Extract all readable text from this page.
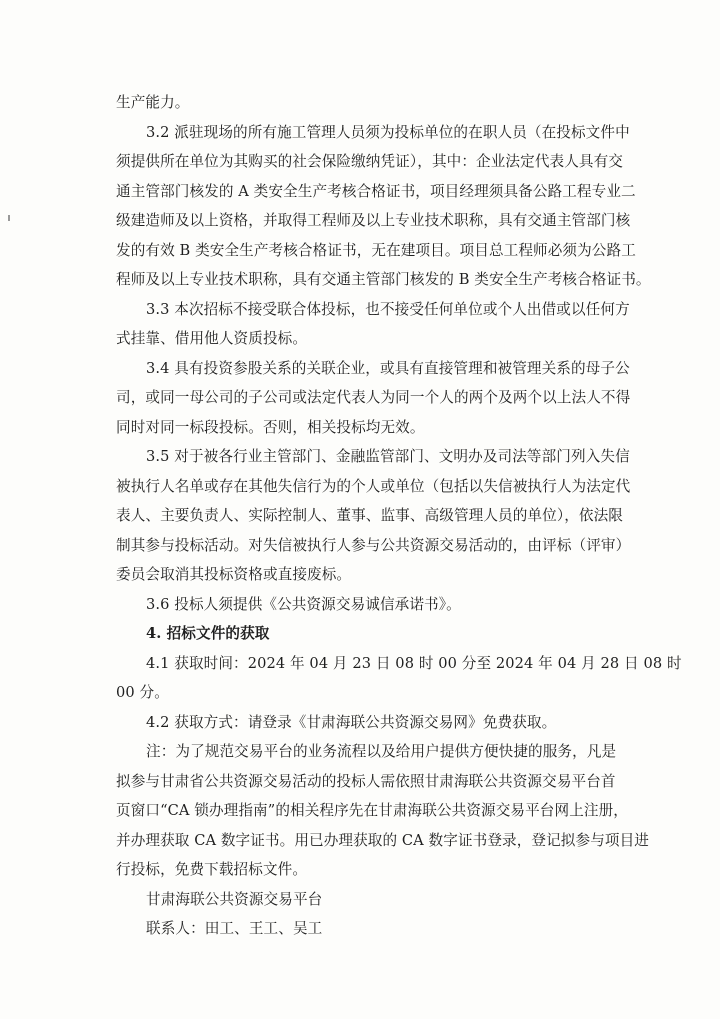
生产能力。
3.2 派驻现场的所有施工管理人员须为投标单位的在职人员（在投标文件中
须提供所在单位为其购买的社会保险缴纳凭证），其中：企业法定代表人具有交
通主管部门核发的 A 类安全生产考核合格证书，项目经理须具备公路工程专业二
级建造师及以上资格，并取得工程师及以上专业技术职称，具有交通主管部门核
发的有效 B 类安全生产考核合格证书，无在建项目。项目总工程师必须为公路工
程师及以上专业技术职称，具有交通主管部门核发的 B 类安全生产考核合格证书。
3.3 本次招标不接受联合体投标，也不接受任何单位或个人出借或以任何方
式挂靠、借用他人资质投标。
3.4 具有投资参股关系的关联企业，或具有直接管理和被管理关系的母子公
司，或同一母公司的子公司或法定代表人为同一个人的两个及两个以上法人不得
同时对同一标段投标。否则，相关投标均无效。
3.5 对于被各行业主管部门、金融监管部门、文明办及司法等部门列入失信
被执行人名单或存在其他失信行为的个人或单位（包括以失信被执行人为法定代
表人、主要负责人、实际控制人、董事、监事、高级管理人员的单位），依法限
制其参与投标活动。对失信被执行人参与公共资源交易活动的，由评标（评审）
委员会取消其投标资格或直接废标。
3.6 投标人须提供《公共资源交易诚信承诺书》。
4. 招标文件的获取
4.1 获取时间：2024 年 04 月 23 日 08 时 00 分至 2024 年 04 月 28 日 08 时
00 分。
4.2 获取方式：请登录《甘肃海联公共资源交易网》免费获取。
注：为了规范交易平台的业务流程以及给用户提供方便快捷的服务，凡是
拟参与甘肃省公共资源交易活动的投标人需依照甘肃海联公共资源交易平台首
页窗口“CA 锁办理指南”的相关程序先在甘肃海联公共资源交易平台网上注册，
并办理获取 CA 数字证书。用已办理获取的 CA 数字证书登录，登记拟参与项目进
行投标，免费下载招标文件。
甘肃海联公共资源交易平台
联系人：田工、王工、吴工
